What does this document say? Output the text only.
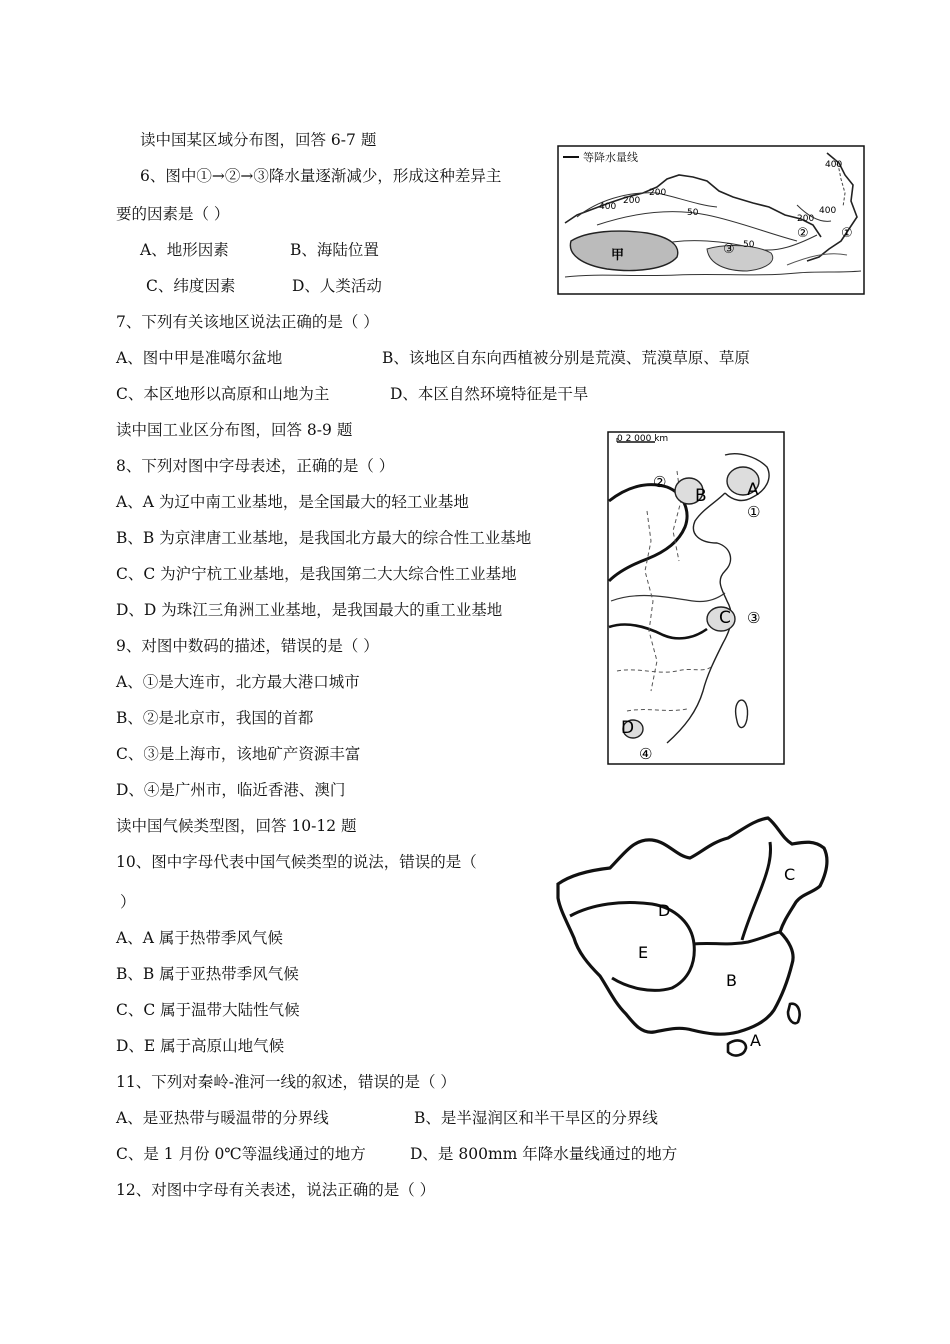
读中国某区域分布图，回答 6-7 题
6、图中①→②→③降水量逐渐减少，形成这种差异主
要的因素是（ ）
A、地形因素	B、海陆位置
C、纬度因素	D、人类活动
7、下列有关该地区说法正确的是（ ）
A、图中甲是准噶尔盆地	B、该地区自东向西植被分别是荒漠、荒漠草原、草原
C、本区地形以高原和山地为主	D、本区自然环境特征是干旱
等降水量线
400
200
400
200
50
50
200
400
甲
①
②
③
读中国工业区分布图，回答 8-9 题
8、下列对图中字母表述，正确的是（ ）
A、A 为辽中南工业基地，是全国最大的轻工业基地
B、B 为京津唐工业基地，是我国北方最大的综合性工业基地
C、C 为沪宁杭工业基地，是我国第二大大综合性工业基地
D、D 为珠江三角洲工业基地，是我国最大的重工业基地
9、对图中数码的描述，错误的是（ ）
A、①是大连市，北方最大港口城市
B、②是北京市，我国的首都
C、③是上海市，该地矿产资源丰富
D、④是广州市，临近香港、澳门
0 2 000 km
A
B
C
D
①
②
③
④
读中国气候类型图，回答 10-12 题
10、图中字母代表中国气候类型的说法，错误的是（
）
A、A 属于热带季风气候
B、B 属于亚热带季风气候
C、C 属于温带大陆性气候
D、E 属于高原山地气候
11、下列对秦岭-淮河一线的叙述，错误的是（ ）
A、是亚热带与暖温带的分界线	B、是半湿润区和半干旱区的分界线
C、是 1 月份 0℃等温线通过的地方	D、是 800mm 年降水量线通过的地方
12、对图中字母有关表述，说法正确的是（ ）
A
B
C
D
E
